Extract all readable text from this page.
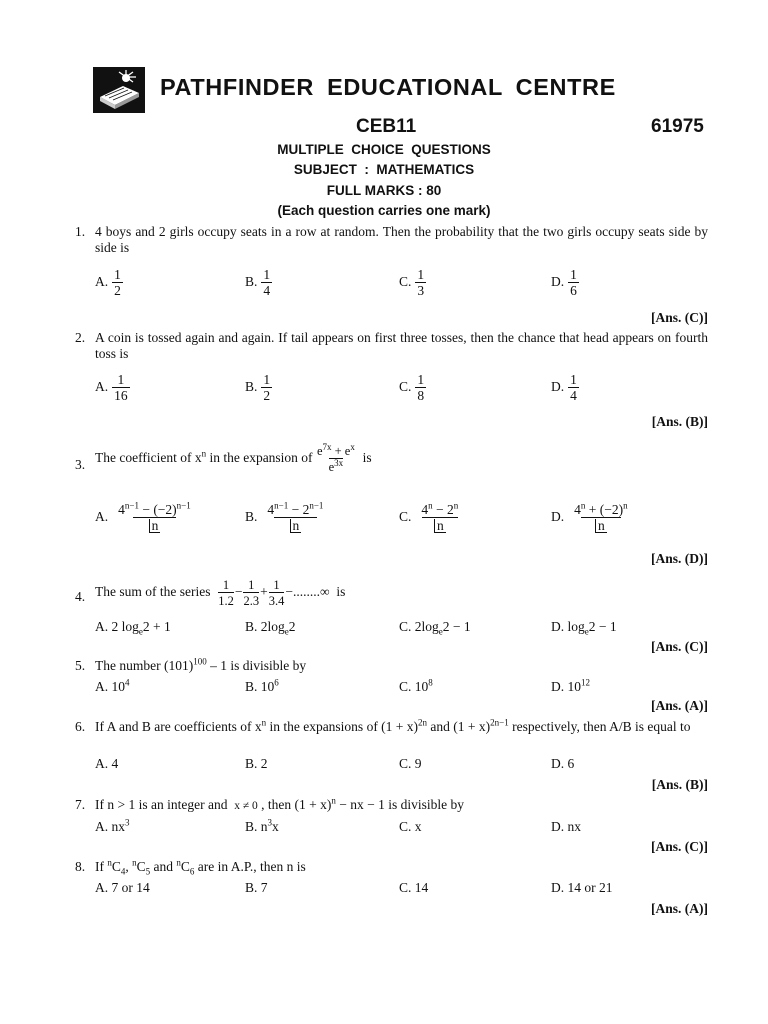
PATHFINDER EDUCATIONAL CENTRE
CEB11	61975
MULTIPLE  CHOICE  QUESTIONS
SUBJECT  :  MATHEMATICS
FULL MARKS : 80
(Each question carries one mark)
1. 4 boys and 2 girls occupy seats in a row at random. Then the probability that the two girls occupy seats side by side is
A. $\frac{1}{2}$	B. $\frac{1}{4}$	C. $\frac{1}{3}$	D. $\frac{1}{6}$
[Ans. (C)]
2. A coin is tossed again and again. If tail appears on first three tosses, then the chance that head appears on fourth toss is
A. $\frac{1}{16}$	B. $\frac{1}{2}$	C. $\frac{1}{8}$	D. $\frac{1}{4}$
[Ans. (B)]
3. The coefficient of $x^n$ in the expansion of $\frac{e^{7x} + e^x}{e^{3x}}$ is
A. $\frac{4^{n-1} - (-2)^{n-1}}{n}$	B. $\frac{4^{n-1} - 2^{n-1}}{n}$	C. $\frac{4^n - 2^n}{n}$	D. $\frac{4^n + (-2)^n}{n}$
[Ans. (D)]
4. The sum of the series $\frac{1}{1.2} - \frac{1}{2.3} + \frac{1}{3.4}$ −........∞  is
A. 2 $\log_e2 + 1$	B. $2\log_e2$	C. $2\log_e2 - 1$	D. $\log_e2 - 1$
[Ans. (C)]
5. The number $(101)^{100} - 1$ is divisible by
A. $10^4$	B. $10^6$	C. $10^8$	D. $10^{12}$
[Ans. (A)]
6. If A and B are coefficients of $x^n$ in the expansions of $(1 + x)^{2n}$ and $(1 + x)^{2n-1}$ respectively, then A/B is equal to
A. 4	B. 2	C. 9	D. 6
[Ans. (B)]
7. If n > 1 is an integer and  x ≠ 0 , then $(1 + x)^n$ − nx − 1 is divisible by
A. $nx^3$	B. $n^3x$	C. x	D. nx
[Ans. (C)]
8. If $^nC_4$, $^nC_5$ and $^nC_6$ are in A.P., then n is
A. 7 or 14	B. 7	C. 14	D. 14 or 21
[Ans. (A)]
